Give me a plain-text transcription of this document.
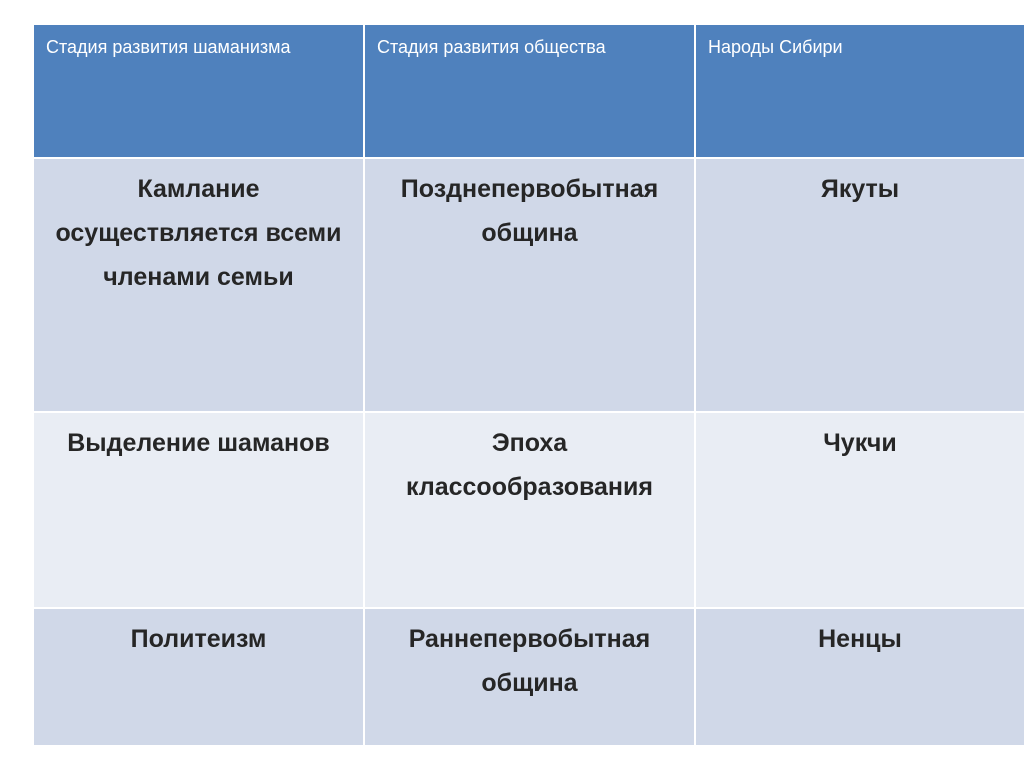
Стадия развития шаманизма	Стадия развития общества	Народы Сибири
Камлание осуществляется всеми членами семьи	Позднепервобытная община	Якуты
Выделение шаманов	Эпоха классообразования	Чукчи
Политеизм	Раннепервобытная община	Ненцы
